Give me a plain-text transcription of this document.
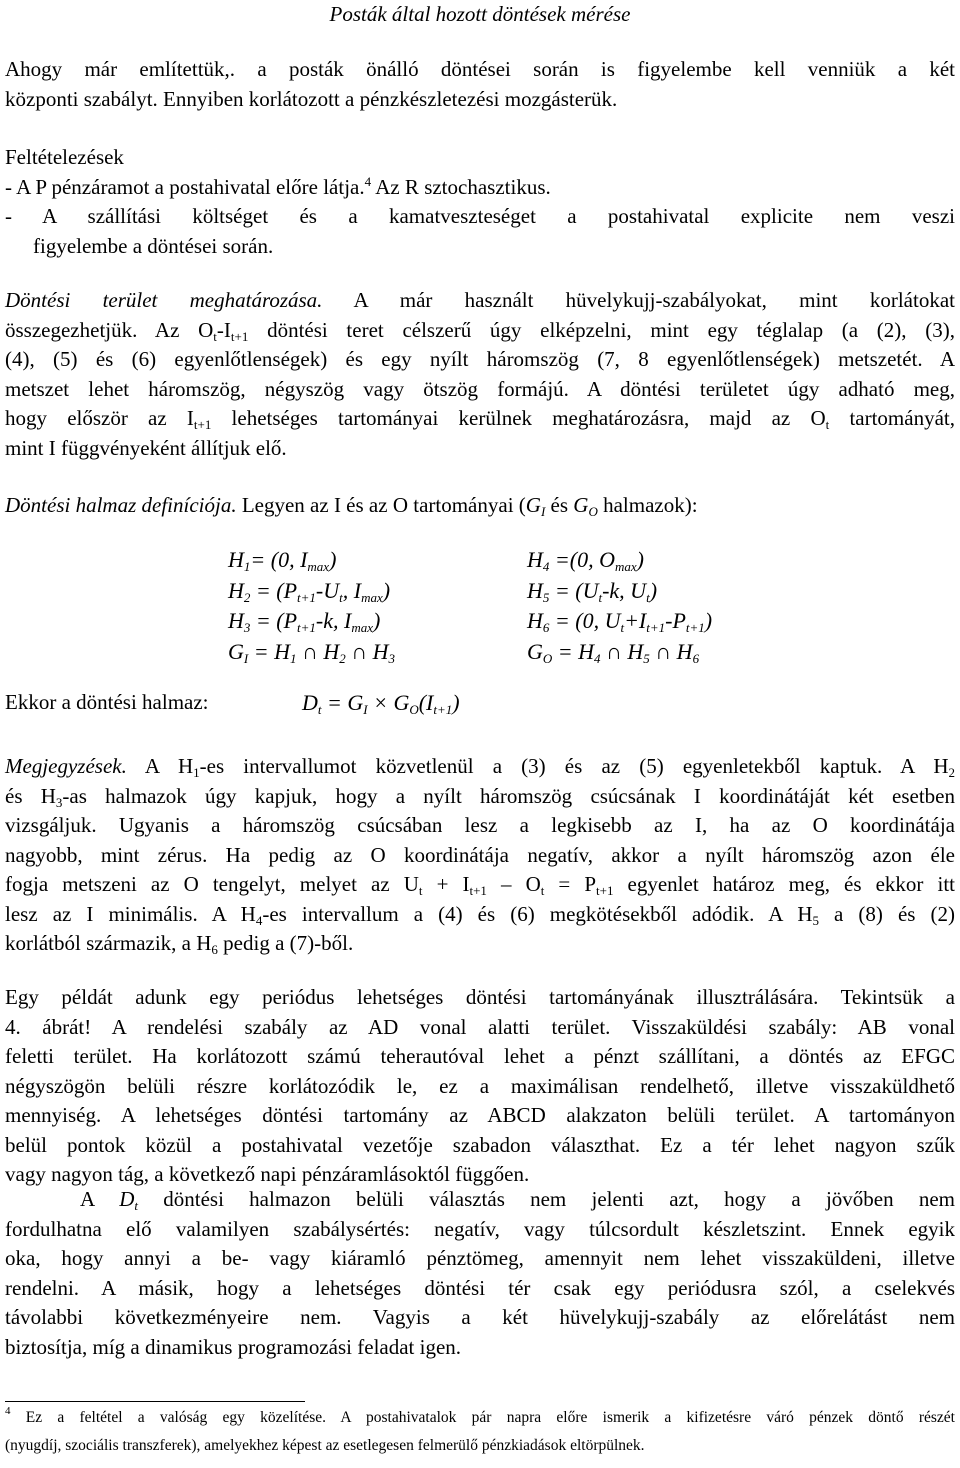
Posták által hozott döntések mérése
Ahogy már említettük,. a posták önálló döntései során is figyelembe kell venniük a két
központi szabályt. Ennyiben korlátozott a pénzkészletezési mozgásterük.
Feltételezések
- A P pénzáramot a postahivatal előre látja.$^4$ Az R sztochasztikus.
- A szállítási költséget és a kamatveszteséget a postahivatal explicite nem veszi
figyelembe a döntései során.
Döntési terület meghatározása. A már használt hüvelykujj-szabályokat, mint korlátokat
összegezhetjük. Az $O_t-I_{t+1}$ döntési teret célszerű úgy elképzelni, mint egy téglalap (a (2), (3),
(4), (5) és (6) egyenlőtlenségek) és egy nyílt háromszög (7, 8 egyenlőtlenségek) metszetét. A
metszet lehet háromszög, négyszög vagy ötszög formájú. A döntési területet úgy adható meg,
hogy először az $I_{t+1}$ lehetséges tartományai kerülnek meghatározásra, majd az $O_t$ tartományát,
mint I függvényeként állítjuk elő.
Döntési halmaz definíciója. Legyen az I és az O tartományai ($G_I$ és $G_O$ halmazok):
$H_1= (0$, $I_{max}$)
$H_2 = (P_{t+1}-U_t$, $I_{max}$)
$H_3 = (P_{t+1}-k$, $I_{max}$)
$G_I = H_1$ ∩ $H_2$ ∩ $H_3$
$H_4 =(0$, $O_{max}$)
$H_5 = (U_t-k$, $U_t$)
$H_6 = (0$, $U_t+I_{t+1}-P_{t+1}$)
$G_O = H_4$ ∩ $H_5$ ∩ $H_6$
Ekkor a döntési halmaz:	$D_t = G_I \times G_O(I_{t+1})$
Megjegyzések. A $H_1-es$ intervallumot közvetlenül a (3) és az (5) egyenletekből kaptuk. A $H_2$
és $H_3-as$ halmazok úgy kapjuk, hogy a nyílt háromszög csúcsának I koordinátáját két esetben
vizsgáljuk. Ugyanis a háromszög csúcsában lesz a legkisebb az I, ha az O koordinátája
nagyobb, mint zérus. Ha pedig az O koordinátája negatív, akkor a nyílt háromszög azon éle
fogja metszeni az O tengelyt, melyet az $U_t + I_{t+1} - O_t = P_{t+1}$ egyenlet határoz meg, és ekkor itt
lesz az I minimális. A $H_4-es$ intervallum a (4) és (6) megkötésekből adódik. A $H_5$ a (8) és (2)
korlátból származik, a $H_6$ pedig a (7)-ből.
Egy példát adunk egy periódus lehetséges döntési tartományának illusztrálására. Tekintsük a
4. ábrát! A rendelési szabály az AD vonal alatti terület. Visszaküldési szabály: AB vonal
feletti terület. Ha korlátozott számú teherautóval lehet a pénzt szállítani, a döntés az EFGC
négyszögön belüli részre korlátozódik le, ez a maximálisan rendelhető, illetve visszaküldhető
mennyiség. A lehetséges döntési tartomány az ABCD alakzaton belüli terület. A tartományon
belül pontok közül a postahivatal vezetője szabadon választhat. Ez a tér lehet nagyon szűk
vagy nagyon tág, a következő napi pénzáramlásoktól függően.
A $D_t$ döntési halmazon belüli választás nem jelenti azt, hogy a jövőben nem
fordulhatna elő valamilyen szabálysértés: negatív, vagy túlcsordult készletszint. Ennek egyik
oka, hogy annyi a be- vagy kiáramló pénztömeg, amennyit nem lehet visszaküldeni, illetve
rendelni. A másik, hogy a lehetséges döntési tér csak egy periódusra szól, a cselekvés
távolabbi következményeire nem. Vagyis a két hüvelykujj-szabály az előrelátást nem
biztosítja, míg a dinamikus programozási feladat igen.
$^4$ Ez a feltétel a valóság egy közelítése. A postahivatalok pár napra előre ismerik a kifizetésre váró pénzek döntő részét
(nyugdíj, szociális transzferek), amelyekhez képest az esetlegesen felmerülő pénzkiadások eltörpülnek.
